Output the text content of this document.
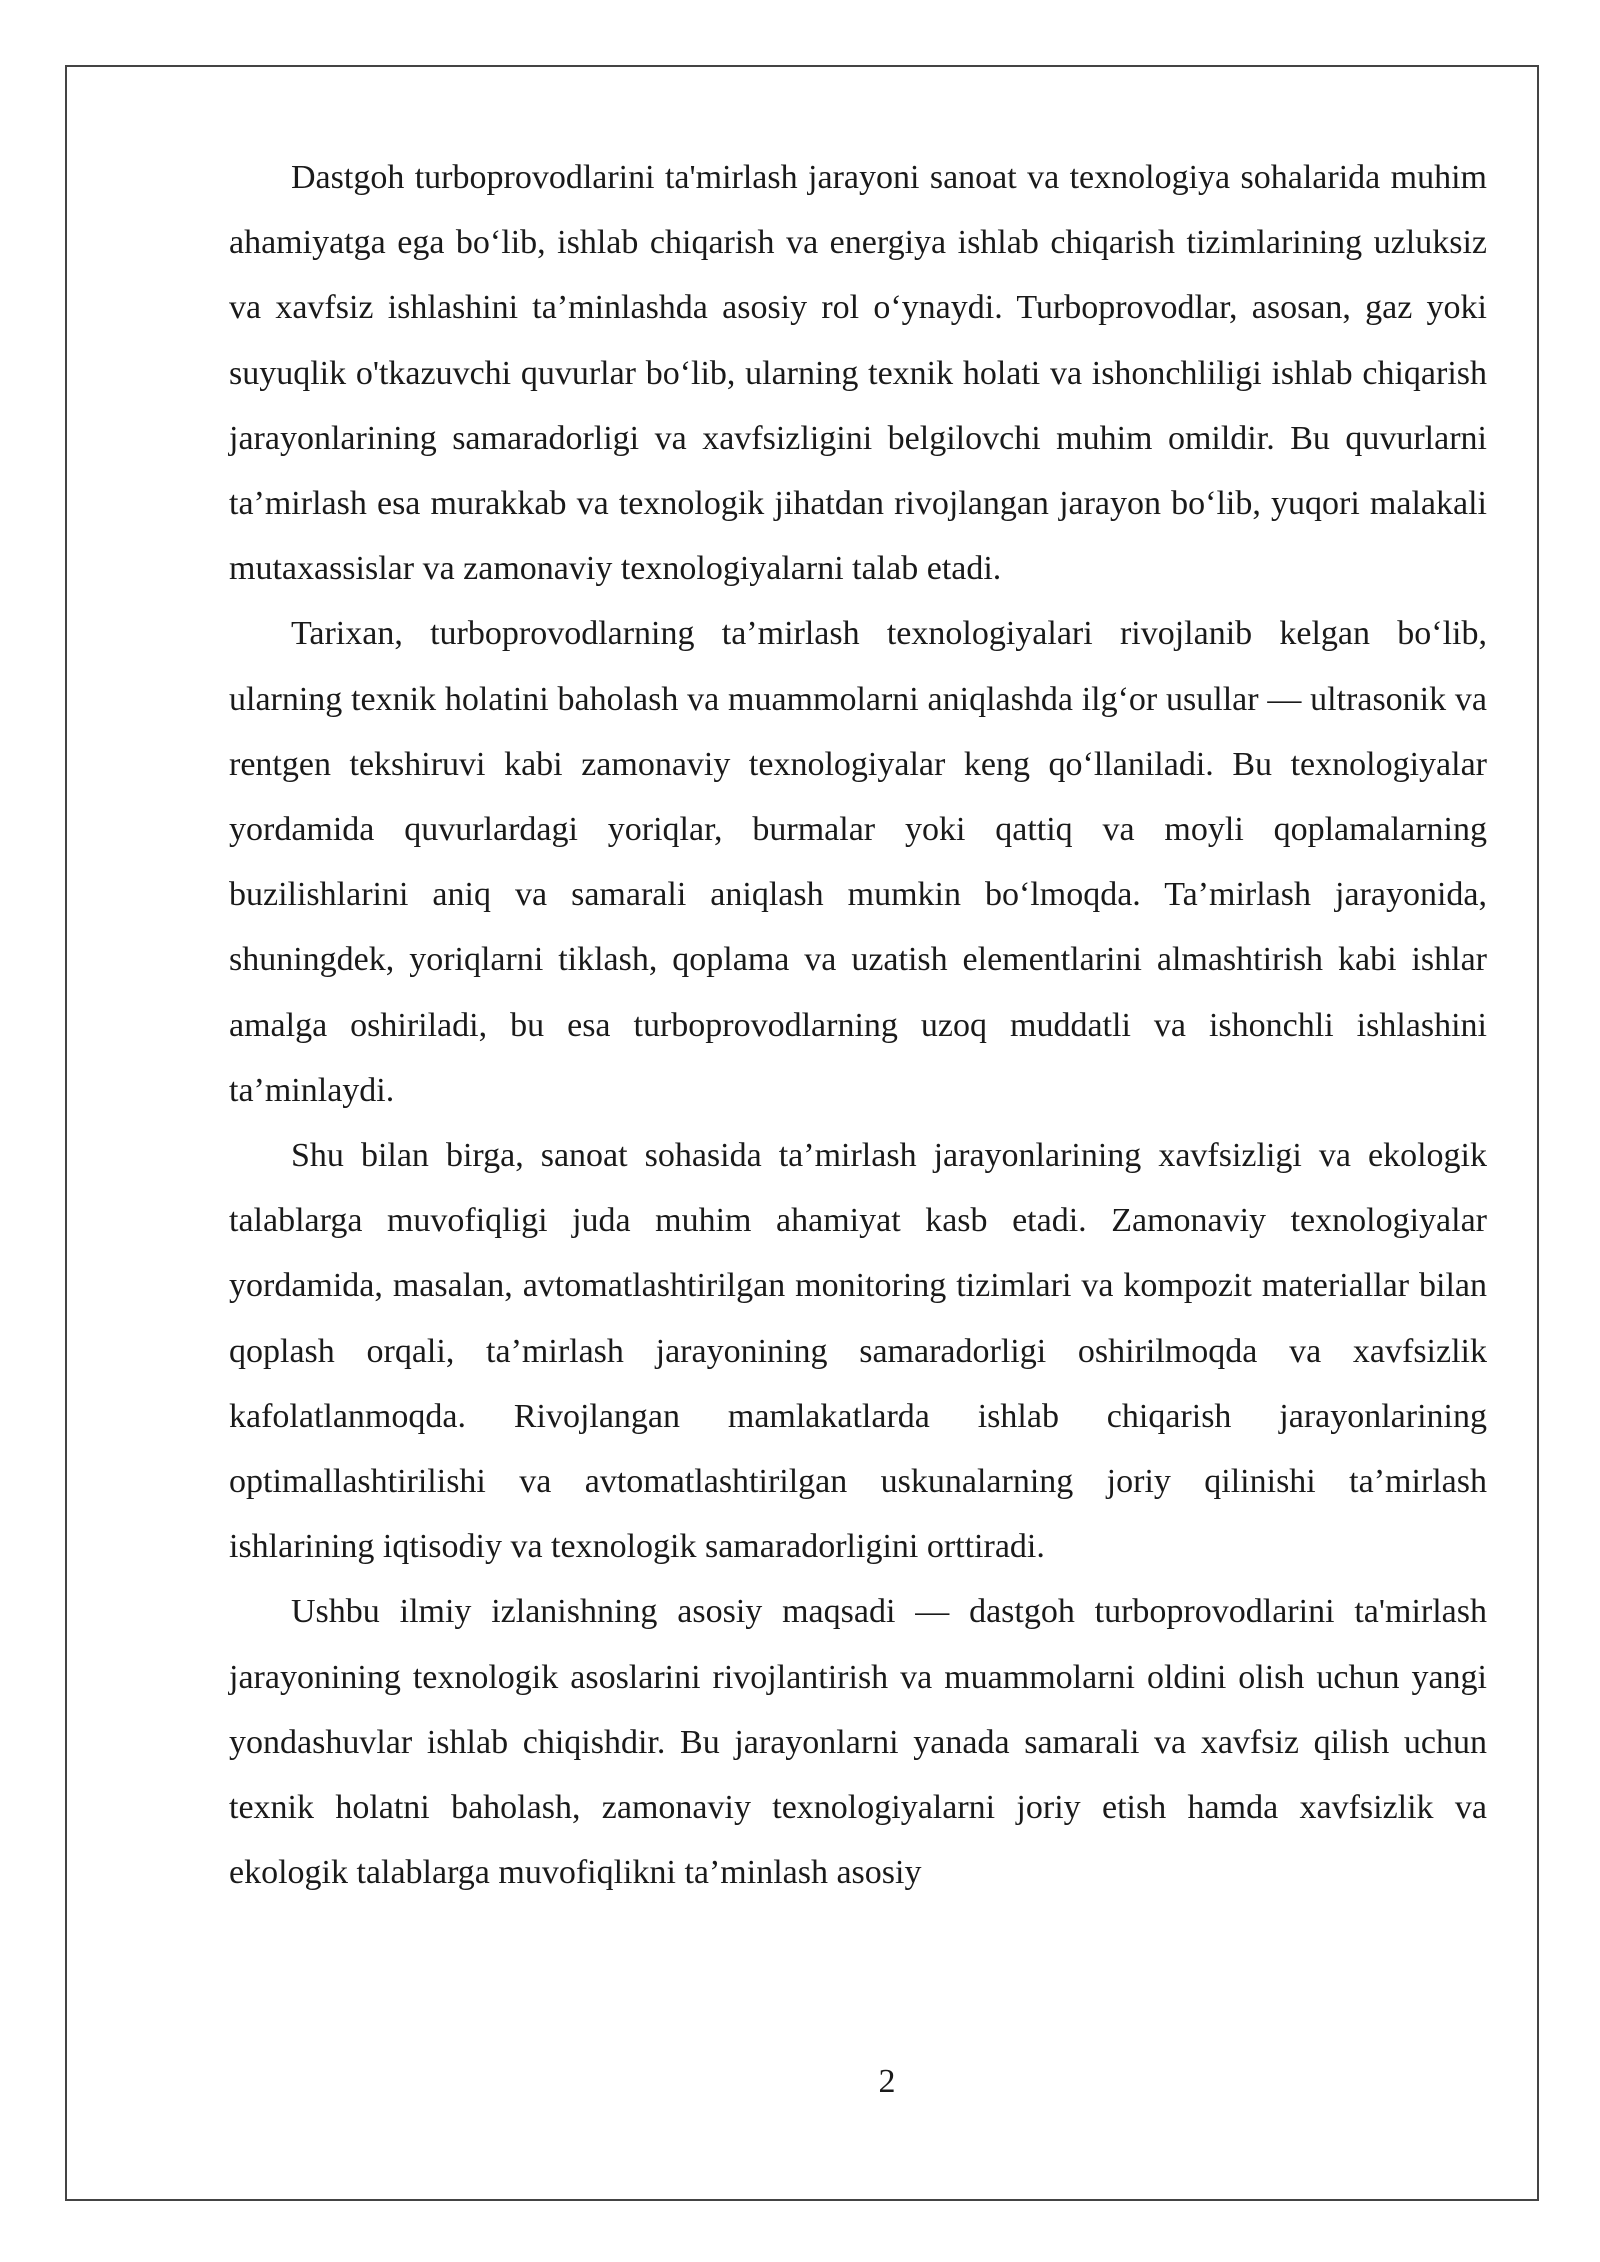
Dastgoh turboprovodlarini ta'mirlash jarayoni sanoat va texnologiya sohalarida muhim ahamiyatga ega bo‘lib, ishlab chiqarish va energiya ishlab chiqarish tizimlarining uzluksiz va xavfsiz ishlashini ta’minlashda asosiy rol o‘ynaydi. Turboprovodlar, asosan, gaz yoki suyuqlik o'tkazuvchi quvurlar bo‘lib, ularning texnik holati va ishonchliligi ishlab chiqarish jarayonlarining samaradorligi va xavfsizligini belgilovchi muhim omildir. Bu quvurlarni ta’mirlash esa murakkab va texnologik jihatdan rivojlangan jarayon bo‘lib, yuqori malakali mutaxassislar va zamonaviy texnologiyalarni talab etadi.

Tarixan, turboprovodlarning ta’mirlash texnologiyalari rivojlanib kelgan bo‘lib, ularning texnik holatini baholash va muammolarni aniqlashda ilg‘or usullar — ultrasonik va rentgen tekshiruvi kabi zamonaviy texnologiyalar keng qo‘llaniladi. Bu texnologiyalar yordamida quvurlardagi yoriqlar, burmalar yoki qattiq va moyli qoplamalarning buzilishlarini aniq va samarali aniqlash mumkin bo‘lmoqda. Ta’mirlash jarayonida, shuningdek, yoriqlarni tiklash, qoplama va uzatish elementlarini almashtirish kabi ishlar amalga oshiriladi, bu esa turboprovodlarning uzoq muddatli va ishonchli ishlashini ta’minlaydi.

Shu bilan birga, sanoat sohasida ta’mirlash jarayonlarining xavfsizligi va ekologik talablarga muvofiqligi juda muhim ahamiyat kasb etadi. Zamonaviy texnologiyalar yordamida, masalan, avtomatlashtirilgan monitoring tizimlari va kompozit materiallar bilan qoplash orqali, ta’mirlash jarayonining samaradorligi oshirilmoqda va xavfsizlik kafolatlanmoqda. Rivojlangan mamlakatlarda ishlab chiqarish jarayonlarining optimallashtirilishi va avtomatlashtirilgan uskunalarning joriy qilinishi ta’mirlash ishlarining iqtisodiy va texnologik samaradorligini orttiradi.

Ushbu ilmiy izlanishning asosiy maqsadi — dastgoh turboprovodlarini ta'mirlash jarayonining texnologik asoslarini rivojlantirish va muammolarni oldini olish uchun yangi yondashuvlar ishlab chiqishdir. Bu jarayonlarni yanada samarali va xavfsiz qilish uchun texnik holatni baholash, zamonaviy texnologiyalarni joriy etish hamda xavfsizlik va ekologik talablarga muvofiqlikni ta’minlash asosiy

2
